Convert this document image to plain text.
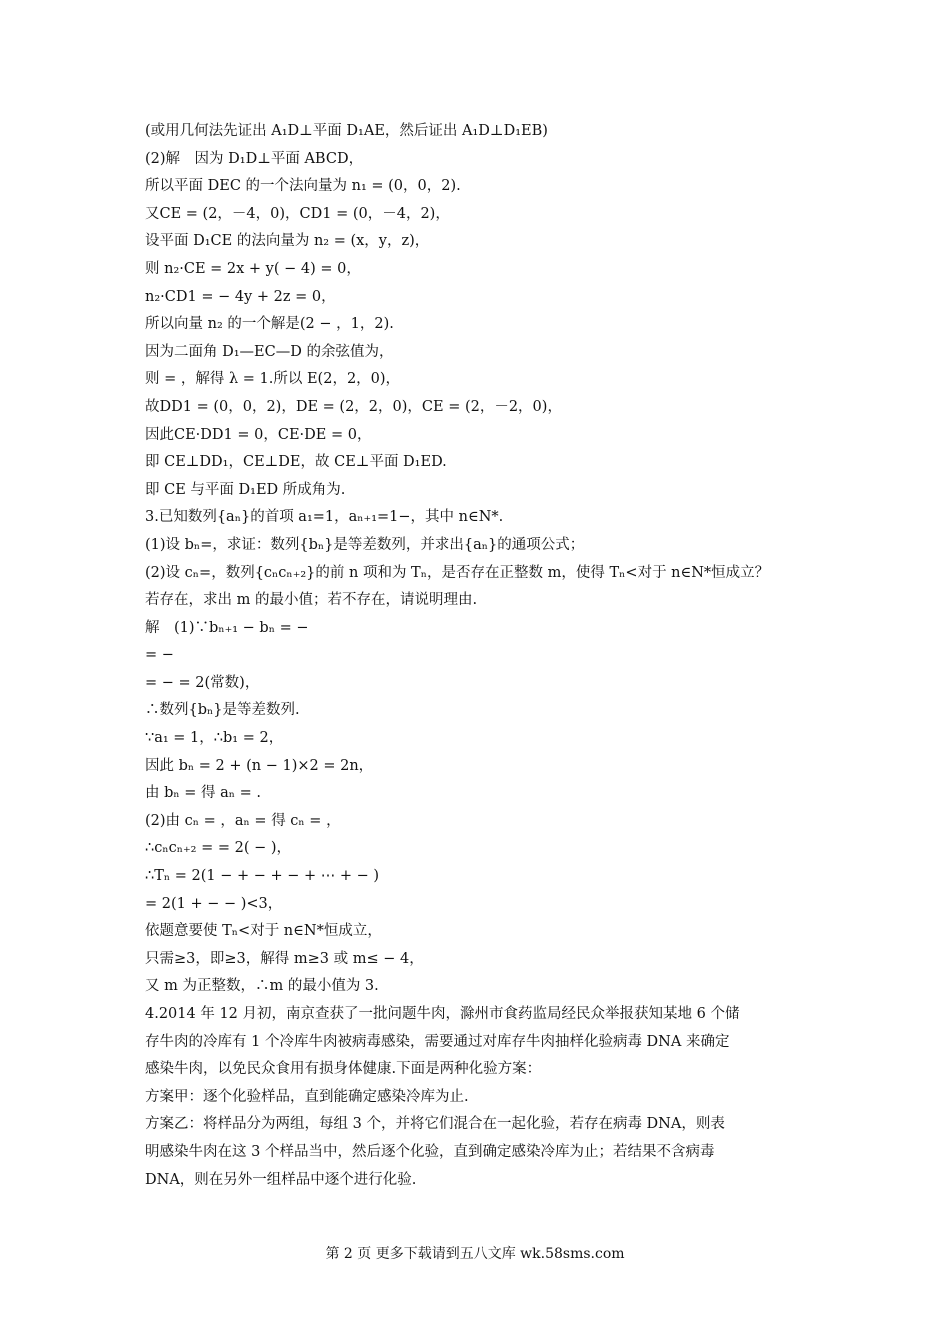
(或用几何法先证出 A₁D⊥平面 D₁AE，然后证出 A₁D⊥D₁EB)
(2)解　因为 D₁D⊥平面 ABCD，
所以平面 DEC 的一个法向量为 n₁ = (0，0，2).
又CE = (2，－4，0)，CD1 = (0，－4，2)，
设平面 D₁CE 的法向量为 n₂ = (x，y，z)，
则 n₂·CE = 2x + y( − 4) = 0，
n₂·CD1 = − 4y + 2z = 0，
所以向量 n₂ 的一个解是(2 − ，1，2).
因为二面角 D₁—EC—D 的余弦值为，
则 = ，解得 λ = 1.所以 E(2，2，0)，
故DD1 = (0，0，2)，DE = (2，2，0)，CE = (2，－2，0)，
因此CE·DD1 = 0，CE·DE = 0，
即 CE⊥DD₁，CE⊥DE，故 CE⊥平面 D₁ED.
即 CE 与平面 D₁ED 所成角为.
3.已知数列{aₙ}的首项 a₁=1，aₙ₊₁=1−，其中 n∈N*.
(1)设 bₙ=，求证：数列{bₙ}是等差数列，并求出{aₙ}的通项公式；
(2)设 cₙ=，数列{cₙcₙ₊₂}的前 n 项和为 Tₙ，是否存在正整数 m，使得 Tₙ<对于 n∈N*恒成立？
若存在，求出 m 的最小值；若不存在，请说明理由.
解　(1)∵bₙ₊₁ − bₙ = −
= −
= − = 2(常数)，
∴数列{bₙ}是等差数列.
∵a₁ = 1，∴b₁ = 2，
因此 bₙ = 2 + (n − 1)×2 = 2n，
由 bₙ = 得 aₙ = .
(2)由 cₙ = ，aₙ = 得 cₙ = ，
∴cₙcₙ₊₂ = = 2( − )，
∴Tₙ = 2(1 − + − + − + ⋯ + − )
= 2(1 + − − )<3，
依题意要使 Tₙ<对于 n∈N*恒成立，
只需≥3，即≥3，解得 m≥3 或 m≤ − 4，
又 m 为正整数，∴m 的最小值为 3.
4.2014 年 12 月初，南京查获了一批问题牛肉，滁州市食药监局经民众举报获知某地 6 个储
存牛肉的冷库有 1 个冷库牛肉被病毒感染，需要通过对库存牛肉抽样化验病毒 DNA 来确定
感染牛肉，以免民众食用有损身体健康.下面是两种化验方案：
方案甲：逐个化验样品，直到能确定感染冷库为止.
方案乙：将样品分为两组，每组 3 个，并将它们混合在一起化验，若存在病毒 DNA，则表
明感染牛肉在这 3 个样品当中，然后逐个化验，直到确定感染冷库为止；若结果不含病毒
DNA，则在另外一组样品中逐个进行化验.
第 2 页 更多下载请到五八文库 wk.58sms.com
